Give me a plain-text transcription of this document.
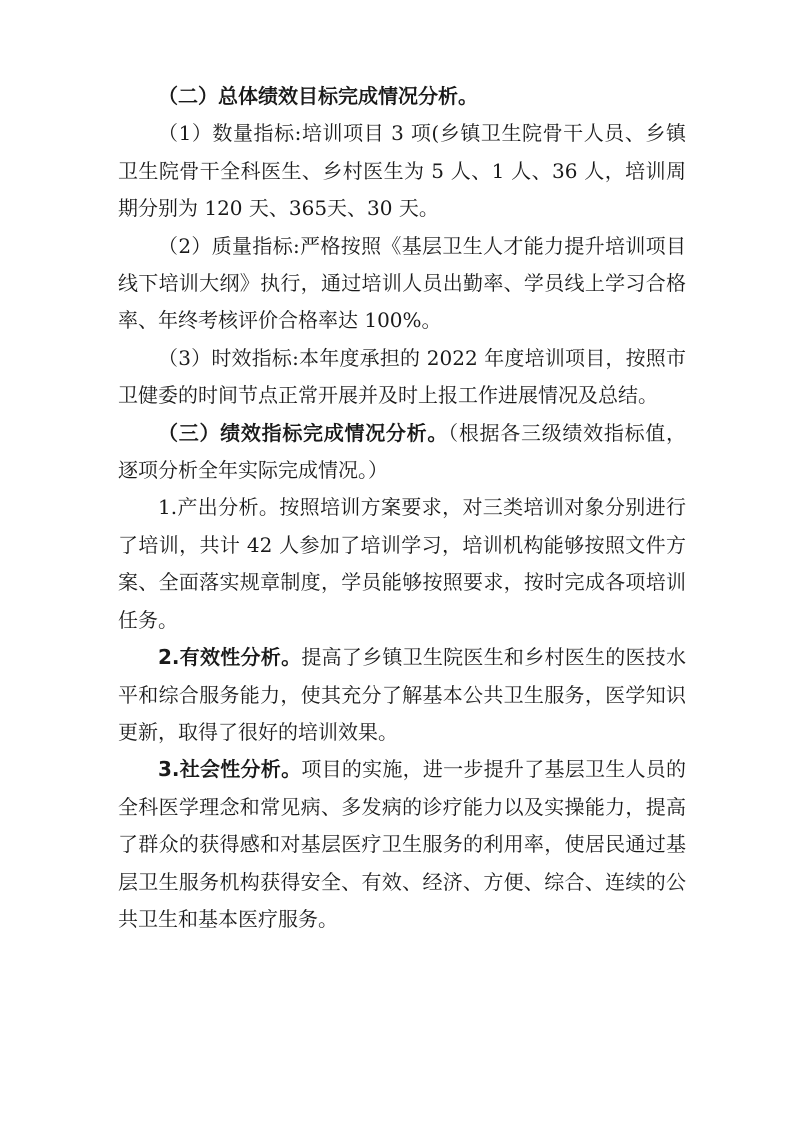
（二）总体绩效目标完成情况分析。

（1）数量指标:培训项目 3 项(乡镇卫生院骨干人员、乡镇卫生院骨干全科医生、乡村医生为 5 人、1 人、36 人，培训周期分别为 120 天、365天、30 天。

（2）质量指标:严格按照《基层卫生人才能力提升培训项目线下培训大纲》执行，通过培训人员出勤率、学员线上学习合格率、年终考核评价合格率达 100%。

（3）时效指标:本年度承担的 2022 年度培训项目，按照市卫健委的时间节点正常开展并及时上报工作进展情况及总结。

（三）绩效指标完成情况分析。（根据各三级绩效指标值，逐项分析全年实际完成情况。）

1.产出分析。按照培训方案要求，对三类培训对象分别进行了培训，共计 42 人参加了培训学习，培训机构能够按照文件方案、全面落实规章制度，学员能够按照要求，按时完成各项培训任务。

2.有效性分析。提高了乡镇卫生院医生和乡村医生的医技水平和综合服务能力，使其充分了解基本公共卫生服务，医学知识更新，取得了很好的培训效果。

3.社会性分析。项目的实施，进一步提升了基层卫生人员的全科医学理念和常见病、多发病的诊疗能力以及实操能力，提高了群众的获得感和对基层医疗卫生服务的利用率，使居民通过基层卫生服务机构获得安全、有效、经济、方便、综合、连续的公共卫生和基本医疗服务。
